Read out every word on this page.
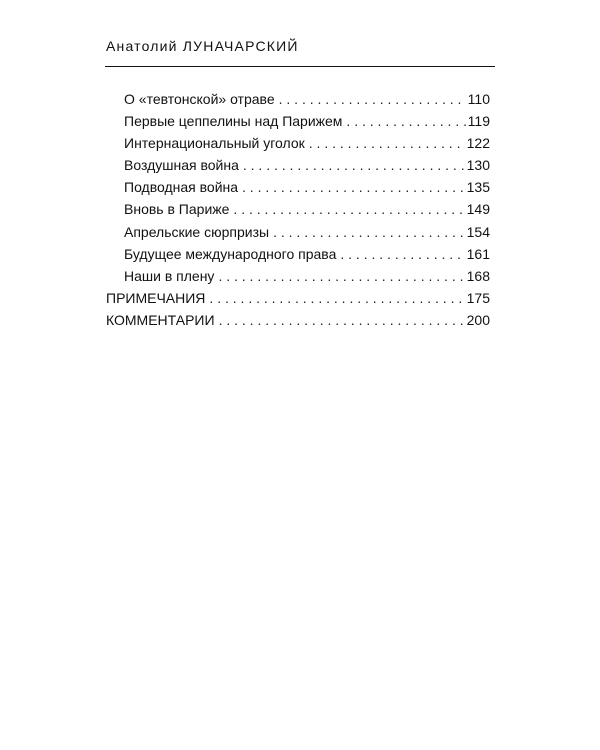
Анатолий ЛУНАЧАРСКИЙ
О «тевтонской» отраве . . .	110
Первые цеппелины над Парижем . . .	119
Интернациональный уголок . . .	122
Воздушная война . . .	130
Подводная война . . .	135
Вновь в Париже . . .	149
Апрельские сюрпризы . . .	154
Будущее международного права . . .	161
Наши в плену . . .	168
ПРИМЕЧАНИЯ . . .	175
КОММЕНТАРИИ . . .	200
